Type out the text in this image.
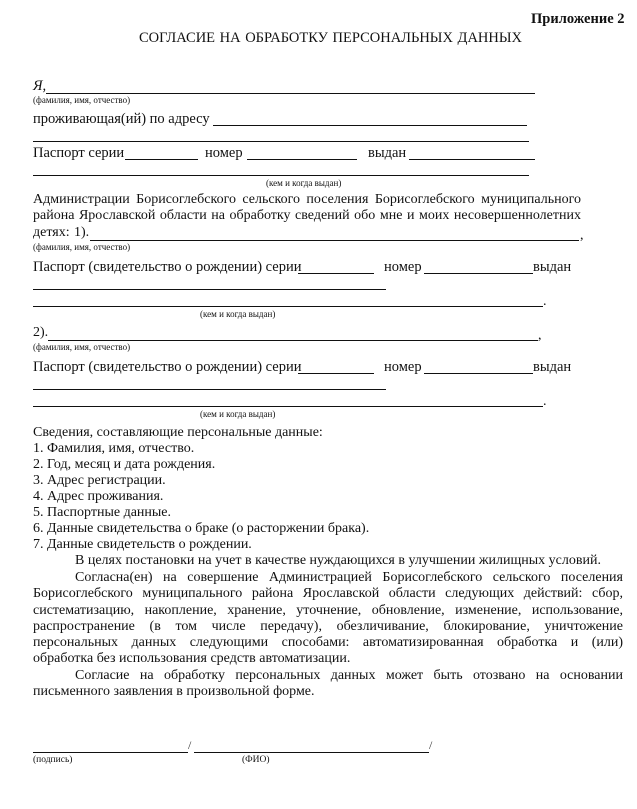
Приложение 2
СОГЛАСИЕ НА ОБРАБОТКУ ПЕРСОНАЛЬНЫХ ДАННЫХ
Я,
(фамилия, имя, отчество)
проживающая(ий) по адресу
Паспорт серии	номер	выдан
(кем и когда выдан)
Администрации Борисоглебского сельского поселения Борисоглебского муниципального
района Ярославской области на обработку сведений обо мне и моих несовершеннолетних
детях: 1).	,
(фамилия, имя, отчество)
Паспорт (свидетельство о рождении) серии	номер	выдан
.
(кем и когда выдан)
2).	,
(фамилия, имя, отчество)
Паспорт (свидетельство о рождении) серии	номер	выдан
.
(кем и когда выдан)
Сведения, составляющие персональные данные:
1. Фамилия, имя, отчество.
2. Год, месяц и дата рождения.
3. Адрес регистрации.
4. Адрес проживания.
5. Паспортные данные.
6. Данные свидетельства о браке (о расторжении брака).
7. Данные свидетельств о рождении.
В целях постановки на учет в качестве нуждающихся в улучшении жилищных условий.
Согласна(ен) на совершение Администрацией Борисоглебского сельского поселения
Борисоглебского муниципального района Ярославской области следующих действий: сбор,
систематизацию, накопление, хранение, уточнение, обновление, изменение, использование,
распространение (в том числе передачу), обезличивание, блокирование, уничтожение
персональных данных следующими способами: автоматизированная обработка и (или)
обработка без использования средств автоматизации.
Согласие на обработку персональных данных может быть отозвано на основании
письменного заявления в произвольной форме.
/	/
(подпись)	(ФИО)
